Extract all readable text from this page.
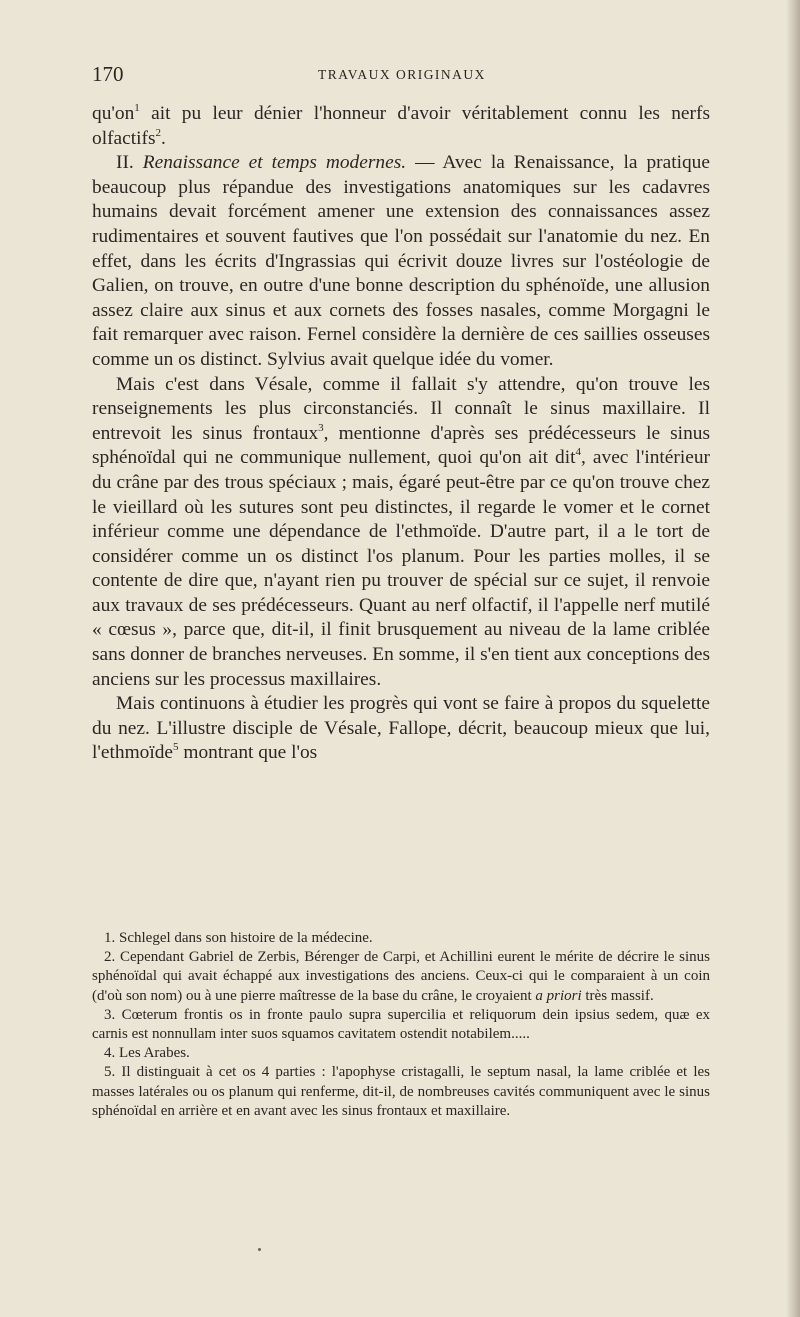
170	TRAVAUX ORIGINAUX

$qu'on^1$ ait pu leur dénier l'honneur d'avoir véritablement connu les nerfs olfactifs$^2$.

II. Renaissance et temps modernes. — Avec la Renaissance, la pratique beaucoup plus répandue des investigations anatomiques sur les cadavres humains devait forcément amener une extension des connaissances assez rudimentaires et souvent fautives que l'on possédait sur l'anatomie du nez. En effet, dans les écrits d'Ingrassias qui écrivit douze livres sur l'ostéologie de Galien, on trouve, en outre d'une bonne description du sphénoïde, une allusion assez claire aux sinus et aux cornets des fosses nasales, comme Morgagni le fait remarquer avec raison. Fernel considère la dernière de ces saillies osseuses comme un os distinct. Sylvius avait quelque idée du vomer.

Mais c'est dans Vésale, comme il fallait s'y attendre, qu'on trouve les renseignements les plus circonstanciés. Il connaît le sinus maxillaire. Il entrevoit les sinus frontaux$^3$, mentionne d'après ses prédécesseurs le sinus sphénoïdal qui ne communique nullement, quoi qu'on ait dit$^4$, avec l'intérieur du crâne par des trous spéciaux ; mais, égaré peut-être par ce qu'on trouve chez le vieillard où les sutures sont peu distinctes, il regarde le vomer et le cornet inférieur comme une dépendance de l'ethmoïde. D'autre part, il a le tort de considérer comme un os distinct l'os planum. Pour les parties molles, il se contente de dire que, n'ayant rien pu trouver de spécial sur ce sujet, il renvoie aux travaux de ses prédécesseurs. Quant au nerf olfactif, il l'appelle nerf mutilé « cœsus », parce que, dit-il, il finit brusquement au niveau de la lame criblée sans donner de branches nerveuses. En somme, il s'en tient aux conceptions des anciens sur les processus maxillaires.

Mais continuons à étudier les progrès qui vont se faire à propos du squelette du nez. L'illustre disciple de Vésale, Fallope, décrit, beaucoup mieux que lui, l'ethmoïde$^5$ montrant que l'os

1. Schlegel dans son histoire de la médecine.

2. Cependant Gabriel de Zerbis, Bérenger de Carpi, et Achillini eurent le mérite de décrire le sinus sphénoïdal qui avait échappé aux investigations des anciens. Ceux-ci qui le comparaient à un coin (d'où son nom) ou à une pierre maîtresse de la base du crâne, le croyaient a priori très massif.

3. Cœterum frontis os in fronte paulo supra supercilia et reliquorum dein ipsius sedem, quæ ex carnis est nonnullam inter suos squamos cavitatem ostendit notabilem.....

4. Les Arabes.

5. Il distinguait à cet os 4 parties : l'apophyse cristagalli, le septum nasal, la lame criblée et les masses latérales ou os planum qui renferme, dit-il, de nombreuses cavités communiquent avec le sinus sphénoïdal en arrière et en avant avec les sinus frontaux et maxillaire.
